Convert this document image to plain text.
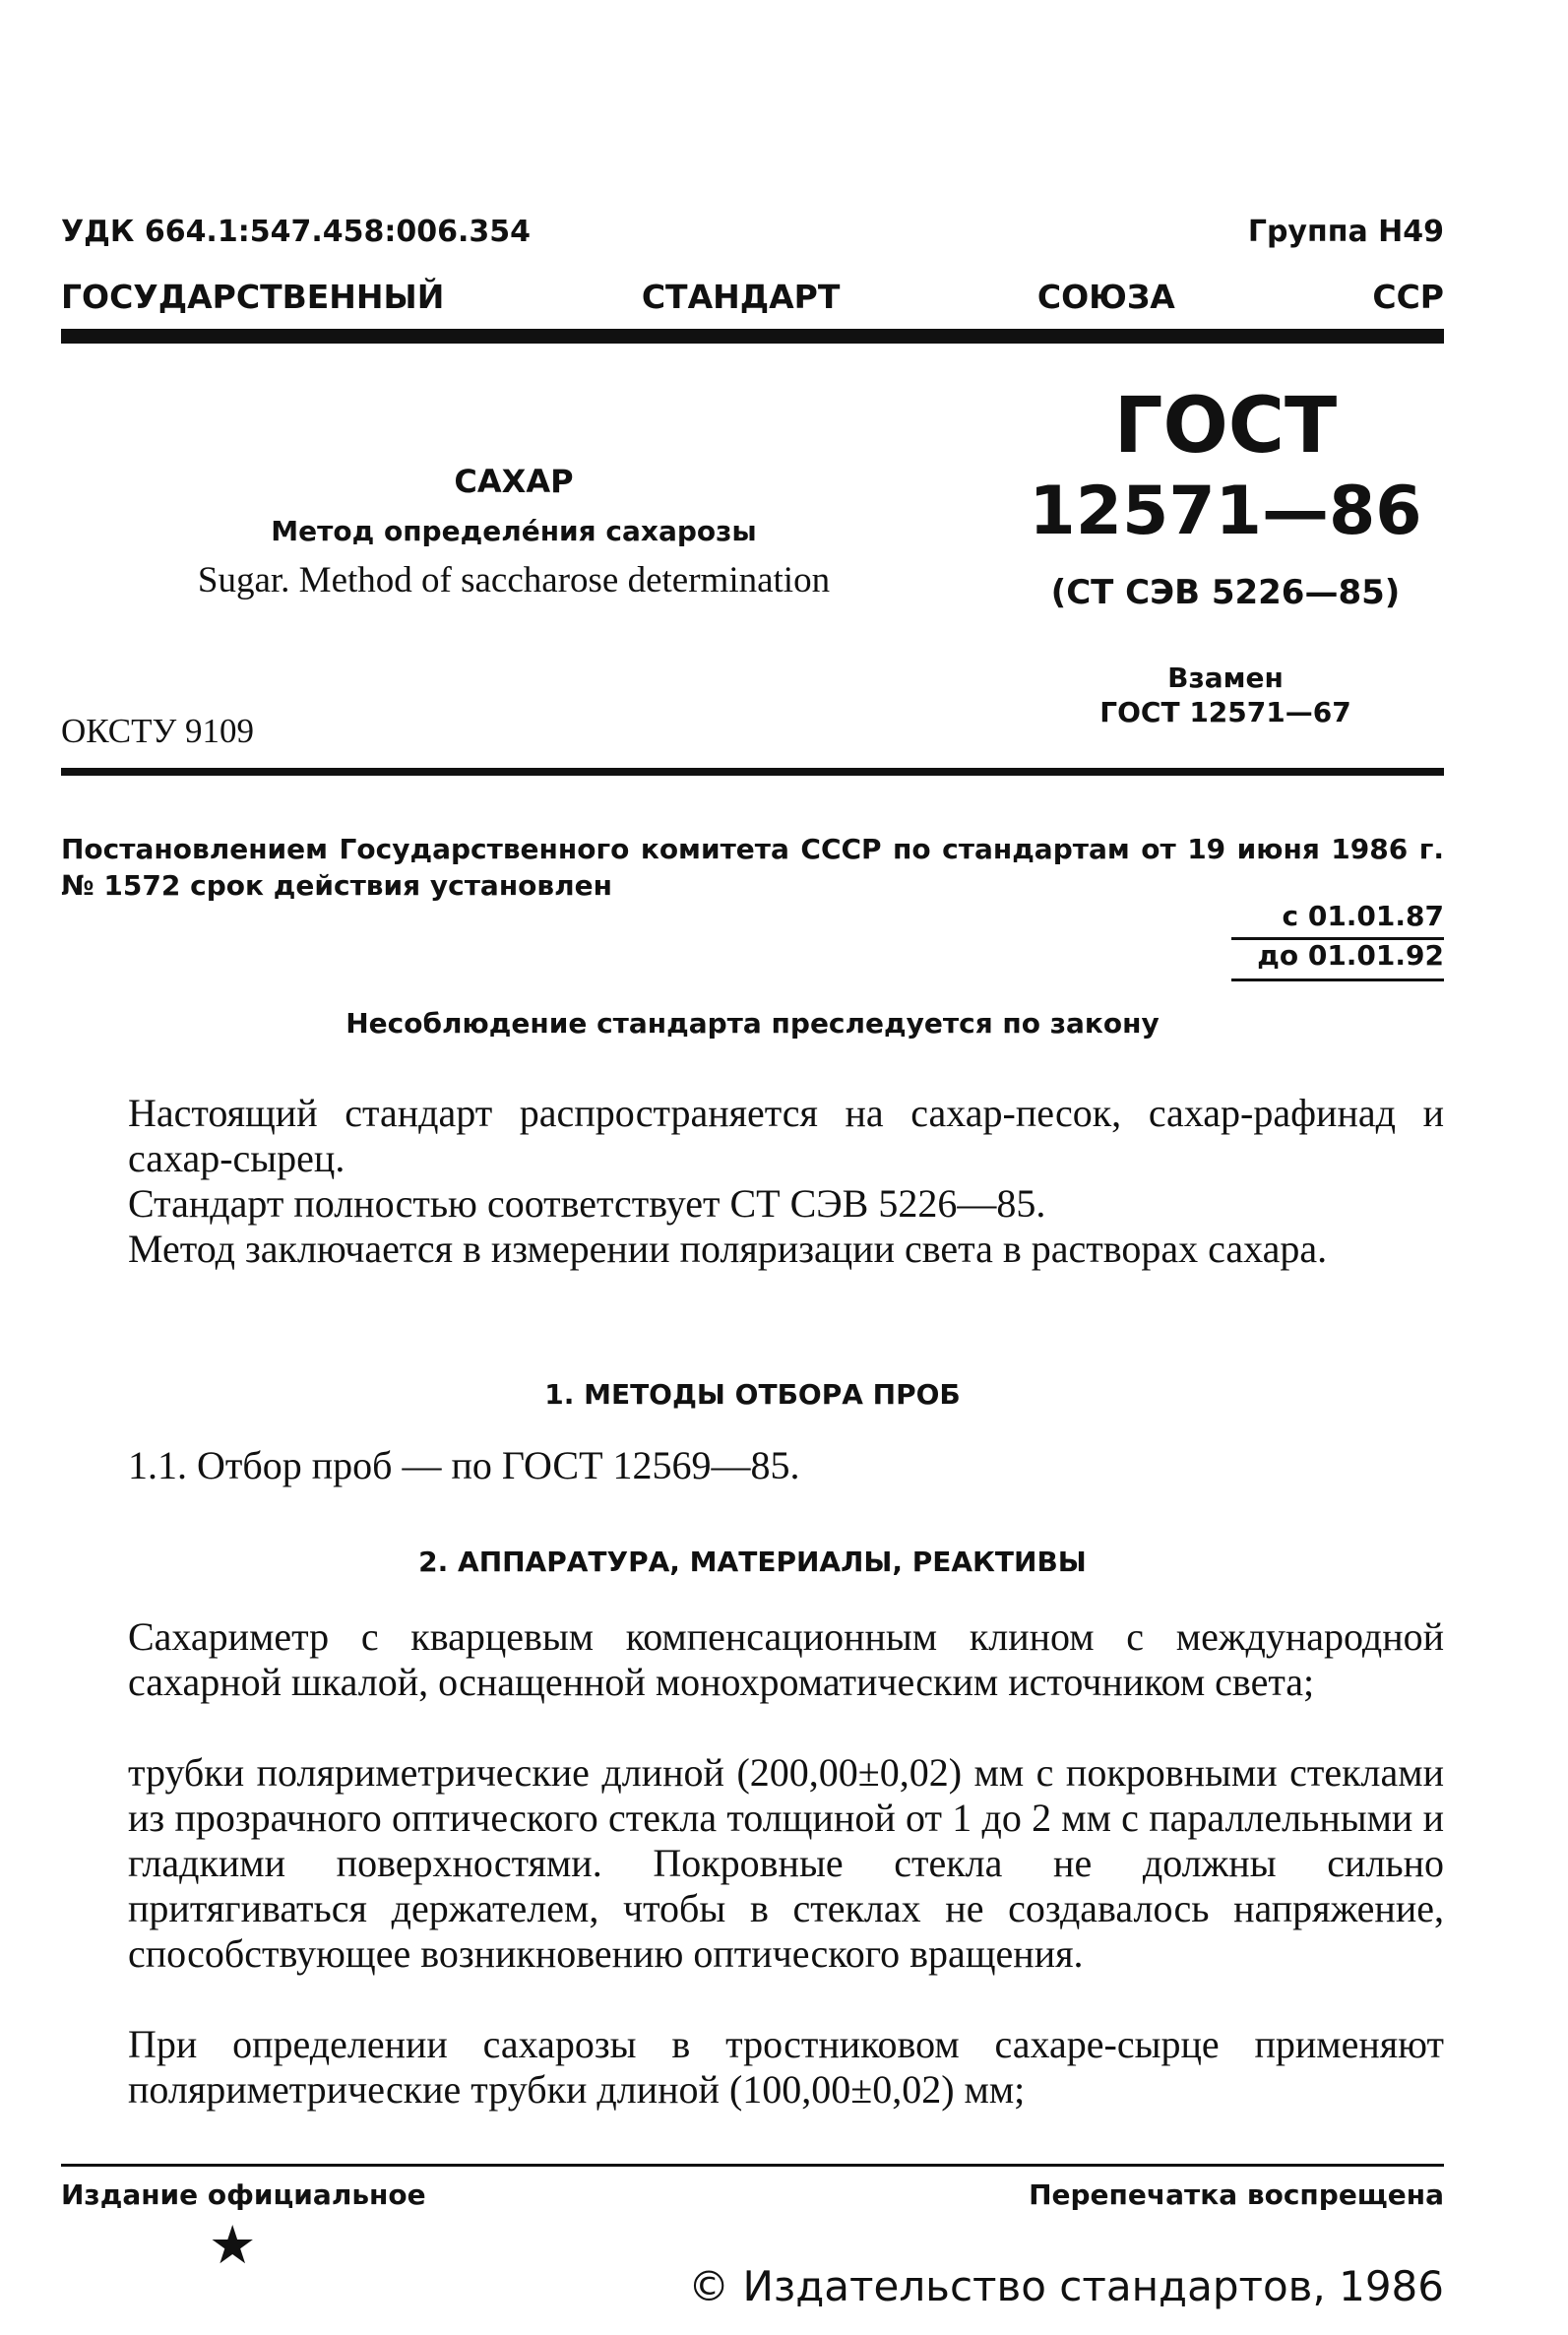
УДК 664.1:547.458:006.354	Группа Н49
ГОСУДАРСТВЕННЫЙ	СТАНДАРТ	СОЮЗА	ССР
САХАР
Метод определе́ния сахарозы
Sugar. Method of saccharose determination
ГОСТ
12571—86
(СТ СЭВ 5226—85)
Взамен
ГОСТ 12571—67
ОКСТУ 9109
Постановлением Государственного комитета СССР по стандартам от 19 июня 1986 г. № 1572 срок действия установлен
с 01.01.87
до 01.01.92
Несоблюдение стандарта преследуется по закону
Настоящий стандарт распространяется на сахар-песок, сахар-рафинад и сахар-сырец.
Стандарт полностью соответствует СТ СЭВ 5226—85.
Метод заключается в измерении поляризации света в растворах сахара.
1. МЕТОДЫ ОТБОРА ПРОБ
1.1. Отбор проб — по ГОСТ 12569—85.
2. АППАРАТУРА, МАТЕРИАЛЫ, РЕАКТИВЫ
Сахариметр с кварцевым компенсационным клином с международной сахарной шкалой, оснащенной монохроматическим источником света;
трубки поляриметрические длиной (200,00±0,02) мм с покровными стеклами из прозрачного оптического стекла толщиной от 1 до 2 мм с параллельными и гладкими поверхностями. Покровные стекла не должны сильно притягиваться держателем, чтобы в стеклах не создавалось напряжение, способствующее возникновению оптического вращения.
При определении сахарозы в тростниковом сахаре-сырце применяют поляриметрические трубки длиной (100,00±0,02) мм;
Издание официальное	Перепечатка воспрещена
★
© Издательство стандартов, 1986
